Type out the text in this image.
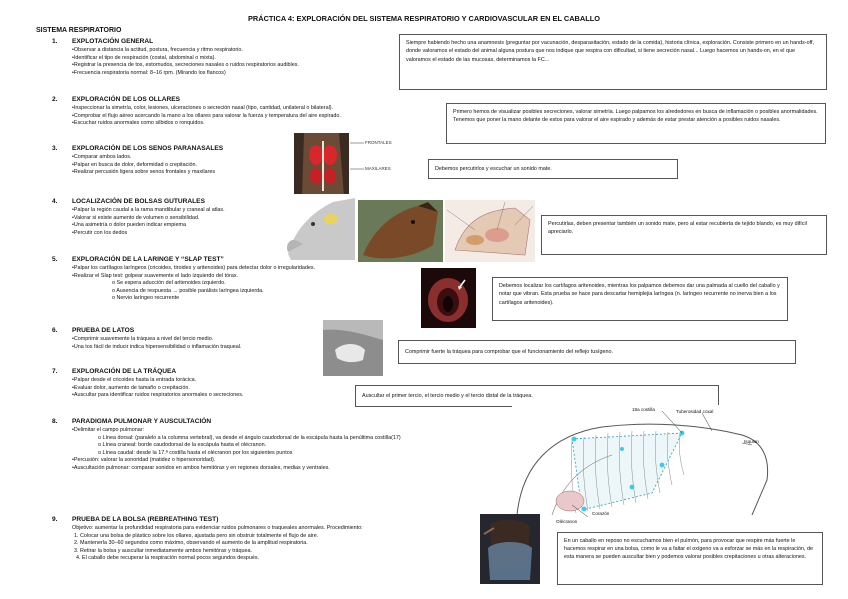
PRÁCTICA 4: EXPLORACIÓN DEL SISTEMA RESPIRATORIO Y CARDIOVASCULAR EN EL CABALLO
SISTEMA RESPIRATORIO
1. EXPLOTACIÓN GENERAL
• Observar a distancia la actitud, postura, frecuencia y ritmo respiratorio.
• Identificar el tipo de respiración (costal, abdominal o mixta).
• Registrar la presencia de tos, estornudos, secreciones nasales o ruidos respiratorios audibles.
• Frecuencia respiratoria normal: 8–16 rpm. (Mirando los flancos)
2. EXPLORACIÓN DE LOS OLLARES
• Inspeccionar la simetría, color, lesiones, ulceraciones o secreción nasal (tipo, cantidad, unilateral o bilateral).
• Comprobar el flujo aéreo acercando la mano a los ollares para valorar la fuerza y temperatura del aire espirado.
• Escuchar ruidos anormales como silbidos o ronquidos.
3. EXPLORACIÓN DE LOS SENOS PARANASALES
• Comparar ambos lados.
• Palpar en busca de dolor, deformidad o crepitación.
• Realizar percusión ligera sobre senos frontales y maxilares
4. LOCALIZACIÓN DE BOLSAS GUTURALES
• Palpar la región caudal a la rama mandibular y craneal al atlas.
• Valorar si existe aumento de volumen o sensibilidad.
• Una asimetría o dolor pueden indicar empiema
• Percutir con los dedos
5. EXPLORACIÓN DE LA LARINGE Y “SLAP TEST”
• Palpar los cartílagos laríngeos (cricoides, tiroides y aritenoides) para detectar dolor o irregularidades.
• Realizar el Slap test: golpear suavemente el lado izquierdo del tórax.
o Se espera aducción del aritenoides izquierdo.
o Ausencia de respuesta → posible parálisis laríngea izquierda.
o Nervio laríngeo recurrente
6. PRUEBA DE LATOS
• Comprimir suavemente la tráquea a nivel del tercio medio.
• Una tos fácil de inducir indica hipersensibilidad o inflamación traqueal.
7. EXPLORACIÓN DE LA TRÁQUEA
• Palpar desde el cricoides hasta la entrada torácica.
• Evaluar dolor, aumento de tamaño o crepitación.
• Auscultar para identificar ruidos respiratorios anormales o secreciones.
8. PARADIGMA PULMONAR Y AUSCULTACIÓN
• Delimitar el campo pulmonar:
o Línea dorsal: (paralelo a la columna vertebral), va desde el ángulo caudodorsal de la escápula hasta la penúltima costilla(17)
o Línea craneal: borde caudodorsal de la escápula hasta el olécranon.
o Línea caudal: desde la 17.ª costilla hasta el olécranon por los siguientes puntos
• Percusión: valorar la sonoridad (matidez o hipersonoridad).
• Auscultación pulmonar: comparar sonidos en ambos hemitórax y en regiones dorsales, medias y ventrales.
9. PRUEBA DE LA BOLSA (REBREATHING TEST)
Objetivo: aumentar la profundidad respiratoria para evidenciar ruidos pulmonares o traqueales anormales. Procedimiento:
1. Colocar una bolsa de plástico sobre los ollares, ajustada pero sin obstruir totalmente el flujo de aire.
2. Mantenerla 30–60 segundos como máximo, observando el aumento de la amplitud respiratoria.
3. Retirar la bolsa y auscultar inmediatamente ambos hemitórax y tráquea.
4. El caballo debe recuperar la respiración normal pocos segundos después.
Siempre habiendo hecho una anamnesis (preguntar por vacunación, desparasitación, estado de la comida), historia clínica, exploración. Consiste primero en un hands-off, donde valoramos el estado del animal alguna postura que nos indique que respira con dificultad, si tiene secreción nasal... Luego hacemos un hands-on, en el que valoramos el estado de las mucosas, determinamos la FC...
Primero hemos de visualizar posibles secreciones, valorar simetría. Luego palpamos los alrededores en busca de inflamación o posibles anormalidades. Tenemos que poner la mano delante de estos para valorar el aire espirado y además de estar prestar atención a posibles ruidos nasales.
Debemos percutirlos y escuchar un sonido mate.
Percutirlas, deben presentar también un sonido mate, pero al estar recubierta de tejido blando, es muy difícil apreciarlo.
Debemos localizar los cartílagos aritenoides, mientras los palpamos debemos dar una palmada al cuello del caballo y notar que vibran. Esta prueba se hace para descartar hemiplejia laríngea (n. laríngeo recurrente no inerva bien a los cartílagos aritenoides).
Comprimir fuerte la tráquea para comprobar que el funcionamiento del reflejo tusígeno.
Auscultar el primer tercio, el tercio medio y el tercio distal de la tráquea.
En un caballo en reposo no escuchamos bien el pulmón, para provocar que respire más fuerte le hacemos respirar en una bolsa, como le va a faltar el oxígeno va a esforzar se más en la respiración, de esta manera se pueden auscultar bien y podemos valorar posibles crepitaciones u otras alteraciones.
FRONTALES
MAXILARES
18a costilla	Tuberosidad coxal
Isquion
Corazón
Olécranon
